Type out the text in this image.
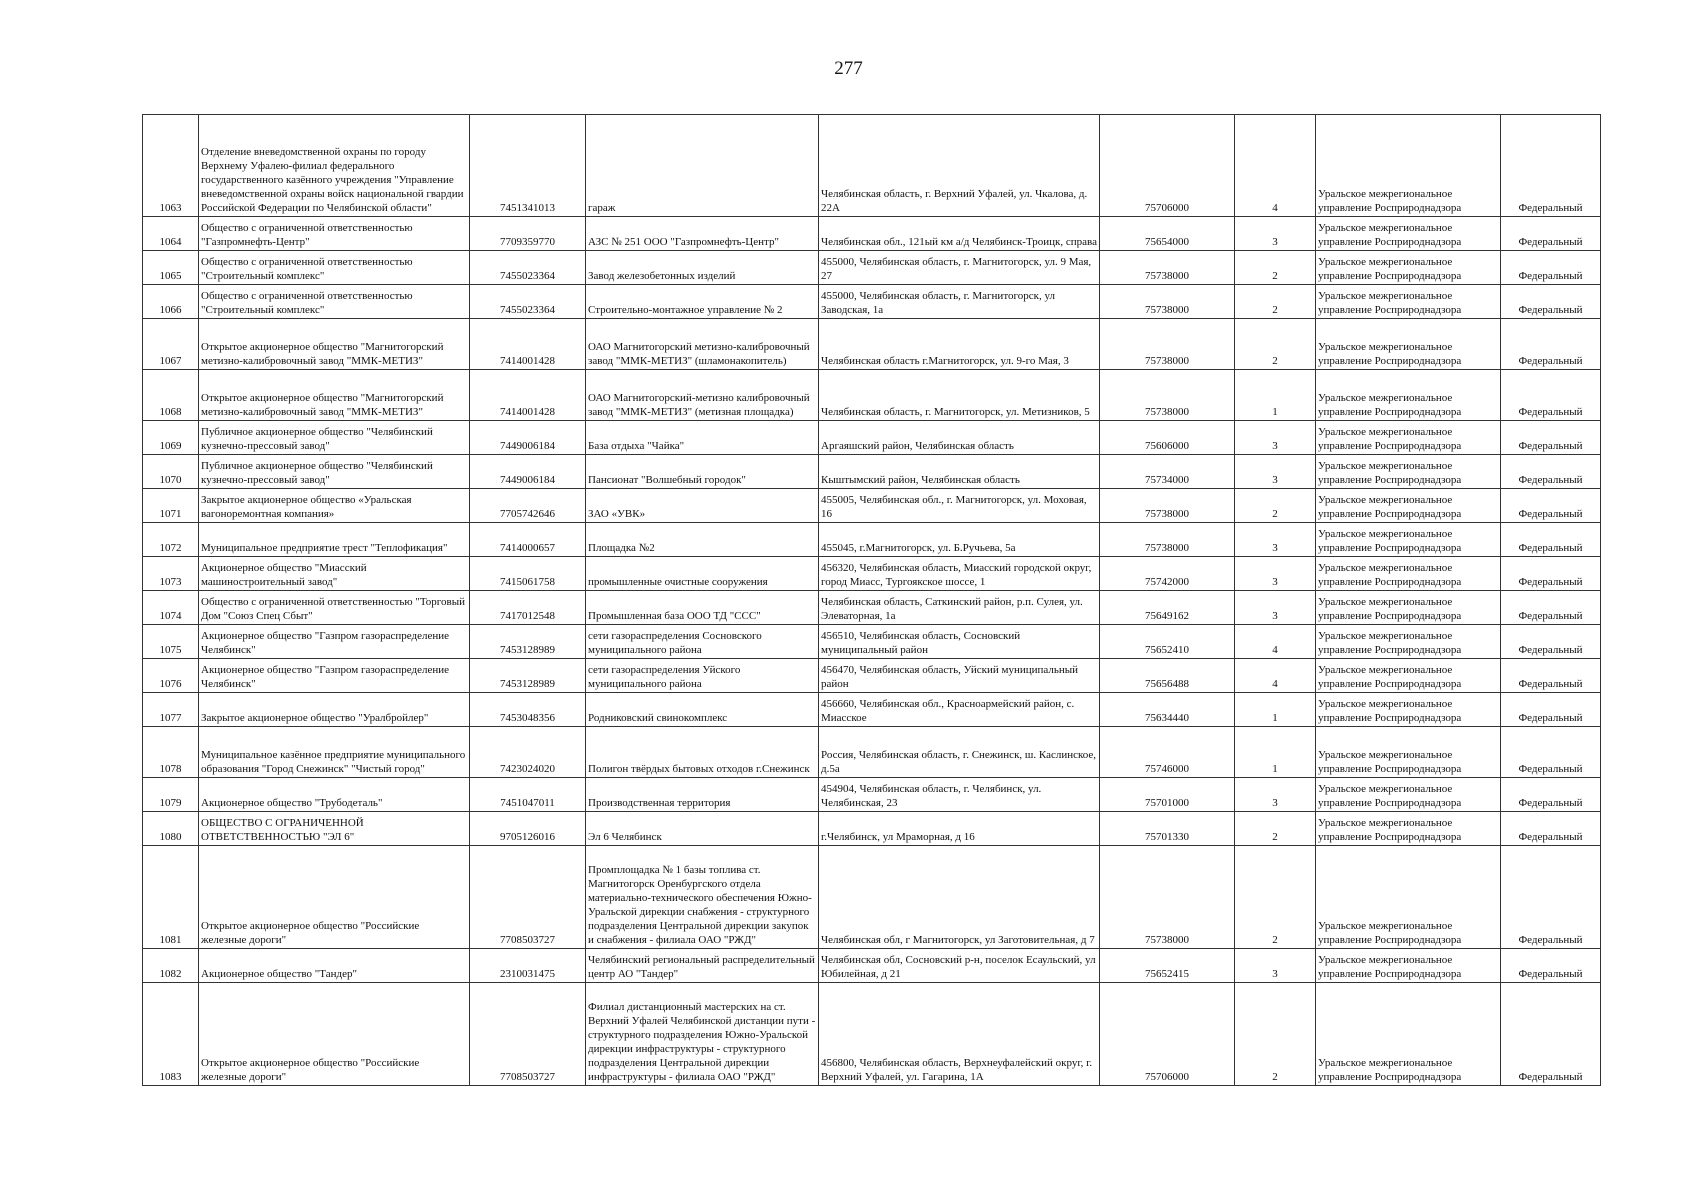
277
1063	Отделение вневедомственной охраны по городу Верхнему Уфалею-филиал федерального государственного казённого учреждения "Управление вневедомственной охраны войск национальной гвардии Российской Федерации по Челябинской области"	7451341013	гараж	Челябинская область, г. Верхний Уфалей, ул. Чкалова, д. 22А	75706000	4	Уральское межрегиональное управление Росприроднадзора	Федеральный
1064	Общество с ограниченной ответственностью "Газпромнефть-Центр"	7709359770	АЗС № 251 ООО "Газпромнефть-Центр"	Челябинская обл., 121ый км а/д Челябинск-Троицк, справа	75654000	3	Уральское межрегиональное управление Росприроднадзора	Федеральный
1065	Общество с ограниченной ответственностью "Строительный комплекс"	7455023364	Завод железобетонных изделий	455000, Челябинская область, г. Магнитогорск, ул. 9 Мая, 27	75738000	2	Уральское межрегиональное управление Росприроднадзора	Федеральный
1066	Общество с ограниченной ответственностью "Строительный комплекс"	7455023364	Строительно-монтажное управление № 2	455000, Челябинская область, г. Магнитогорск, ул Заводская, 1а	75738000	2	Уральское межрегиональное управление Росприроднадзора	Федеральный
1067	Открытое акционерное общество "Магнитогорский метизно-калибровочный завод "ММК-МЕТИЗ"	7414001428	ОАО Магнитогорский метизно-калибровочный завод "ММК-МЕТИЗ" (шламонакопитель)	Челябинская область г.Магнитогорск, ул. 9-го Мая, 3	75738000	2	Уральское межрегиональное управление Росприроднадзора	Федеральный
1068	Открытое акционерное общество "Магнитогорский метизно-калибровочный завод "ММК-МЕТИЗ"	7414001428	ОАО Магнитогорский-метизно калибровочный завод "ММК-МЕТИЗ" (метизная площадка)	Челябинская область, г. Магнитогорск, ул. Метизников, 5	75738000	1	Уральское межрегиональное управление Росприроднадзора	Федеральный
1069	Публичное акционерное общество "Челябинский кузнечно-прессовый завод"	7449006184	База отдыха "Чайка"	Аргаяшский район, Челябинская область	75606000	3	Уральское межрегиональное управление Росприроднадзора	Федеральный
1070	Публичное акционерное общество "Челябинский кузнечно-прессовый завод"	7449006184	Пансионат "Волшебный городок"	Кыштымский район, Челябинская область	75734000	3	Уральское межрегиональное управление Росприроднадзора	Федеральный
1071	Закрытое акционерное общество «Уральская вагоноремонтная компания»	7705742646	ЗАО «УВК»	455005, Челябинская обл., г. Магнитогорск, ул. Моховая, 16	75738000	2	Уральское межрегиональное управление Росприроднадзора	Федеральный
1072	Муниципальное предприятие трест "Теплофикация"	7414000657	Площадка №2	455045, г.Магнитогорск, ул. Б.Ручьева, 5а	75738000	3	Уральское межрегиональное управление Росприроднадзора	Федеральный
1073	Акционерное общество "Миасский машиностроительный завод"	7415061758	промышленные очистные сооружения	456320, Челябинская область, Миасский городской округ, город Миасс, Тургоякское шоссе, 1	75742000	3	Уральское межрегиональное управление Росприроднадзора	Федеральный
1074	Общество с ограниченной ответственностью "Торговый Дом "Союз Спец Сбыт"	7417012548	Промышленная база ООО ТД "ССС"	Челябинская область, Саткинский район, р.п. Сулея, ул. Элеваторная, 1а	75649162	3	Уральское межрегиональное управление Росприроднадзора	Федеральный
1075	Акционерное общество "Газпром газораспределение Челябинск"	7453128989	сети газораспределения Сосновского муниципального района	456510, Челябинская область, Сосновский муниципальный район	75652410	4	Уральское межрегиональное управление Росприроднадзора	Федеральный
1076	Акционерное общество "Газпром газораспределение Челябинск"	7453128989	сети газораспределения Уйского муниципального района	456470, Челябинская область, Уйский муниципальный район	75656488	4	Уральское межрегиональное управление Росприроднадзора	Федеральный
1077	Закрытое акционерное общество "Уралбройлер"	7453048356	Родниковский свинокомплекс	456660, Челябинская обл., Красноармейский район, с. Миасское	75634440	1	Уральское межрегиональное управление Росприроднадзора	Федеральный
1078	Муниципальное казённое предприятие муниципального образования "Город Снежинск" "Чистый город"	7423024020	Полигон твёрдых бытовых отходов г.Снежинск	Россия, Челябинская область, г. Снежинск, ш. Каслинское, д.5а	75746000	1	Уральское межрегиональное управление Росприроднадзора	Федеральный
1079	Акционерное общество "Трубодеталь"	7451047011	Производственная территория	454904, Челябинская область, г. Челябинск, ул. Челябинская, 23	75701000	3	Уральское межрегиональное управление Росприроднадзора	Федеральный
1080	ОБЩЕСТВО С ОГРАНИЧЕННОЙ ОТВЕТСТВЕННОСТЬЮ "ЭЛ 6"	9705126016	Эл 6 Челябинск	г.Челябинск, ул Мраморная, д 16	75701330	2	Уральское межрегиональное управление Росприроднадзора	Федеральный
1081	Открытое акционерное общество "Российские железные дороги"	7708503727	Промплощадка № 1 базы топлива ст. Магнитогорск Оренбургского отдела материально-технического обеспечения Южно-Уральской дирекции снабжения - структурного подразделения Центральной дирекции закупок и снабжения - филиала ОАО "РЖД"	Челябинская обл, г Магнитогорск, ул Заготовительная, д 7	75738000	2	Уральское межрегиональное управление Росприроднадзора	Федеральный
1082	Акционерное общество "Тандер"	2310031475	Челябинский региональный распределительный центр АО "Тандер"	Челябинская обл, Сосновский р-н, поселок Есаульский, ул Юбилейная, д 21	75652415	3	Уральское межрегиональное управление Росприроднадзора	Федеральный
1083	Открытое акционерное общество "Российские железные дороги"	7708503727	Филиал дистанционный мастерских на ст. Верхний Уфалей Челябинской дистанции пути - структурного подразделения Южно-Уральской дирекции инфраструктуры - структурного подразделения Центральной дирекции инфраструктуры - филиала ОАО "РЖД"	456800, Челябинская область, Верхнеуфалейский округ, г. Верхний Уфалей, ул. Гагарина, 1А	75706000	2	Уральское межрегиональное управление Росприроднадзора	Федеральный
